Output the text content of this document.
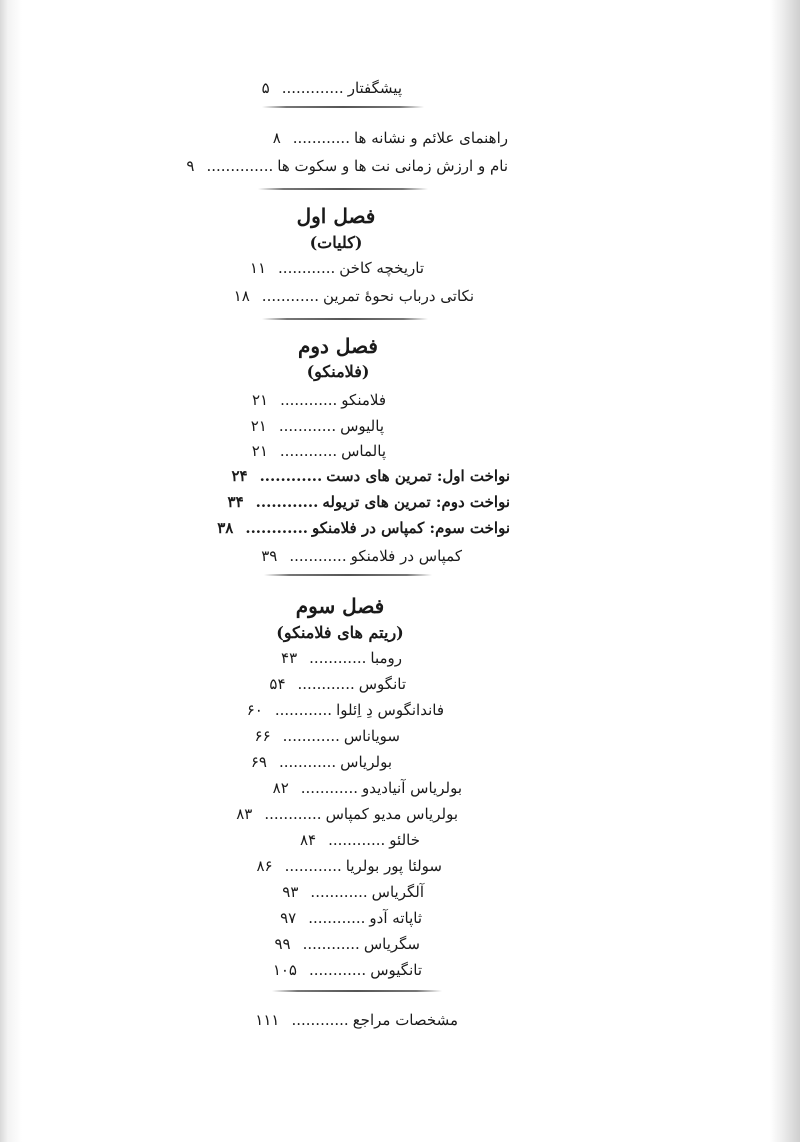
پیشگفتار.............۵
راهنمای علائم و نشانه ها............۸
نام و ارزش زمانی نت ها و سکوت ها..............۹
فصل اول
(کلیات)
تاریخچه کاخن............۱۱
نکاتی درباب نحوۀ تمرین............۱۸
فصل دوم
(فلامنکو)
فلامنکو............۲۱
پالیوس............۲۱
پالماس............۲۱
نواخت اول: تمرین های دست............۲۴
نواخت دوم: تمرین های تریوله............۳۴
نواخت سوم: کمپاس در فلامنکو............۳۸
کمپاس در فلامنکو............۳۹
فصل سوم
(ریتم های فلامنکو)
رومبا............۴۳
تانگوس............۵۴
فاندانگوس دِ اِئلوا............۶۰
سویاناس............۶۶
بولریاس............۶۹
بولریاس آنیادیدو............۸۲
بولریاس مدیو کمپاس............۸۳
خالئو............۸۴
سولئا پور بولریا............۸۶
آلگریاس............۹۳
ثاپاته آدو............۹۷
سگریاس............۹۹
تانگیوس............۱۰۵
مشخصات مراجع............۱۱۱
